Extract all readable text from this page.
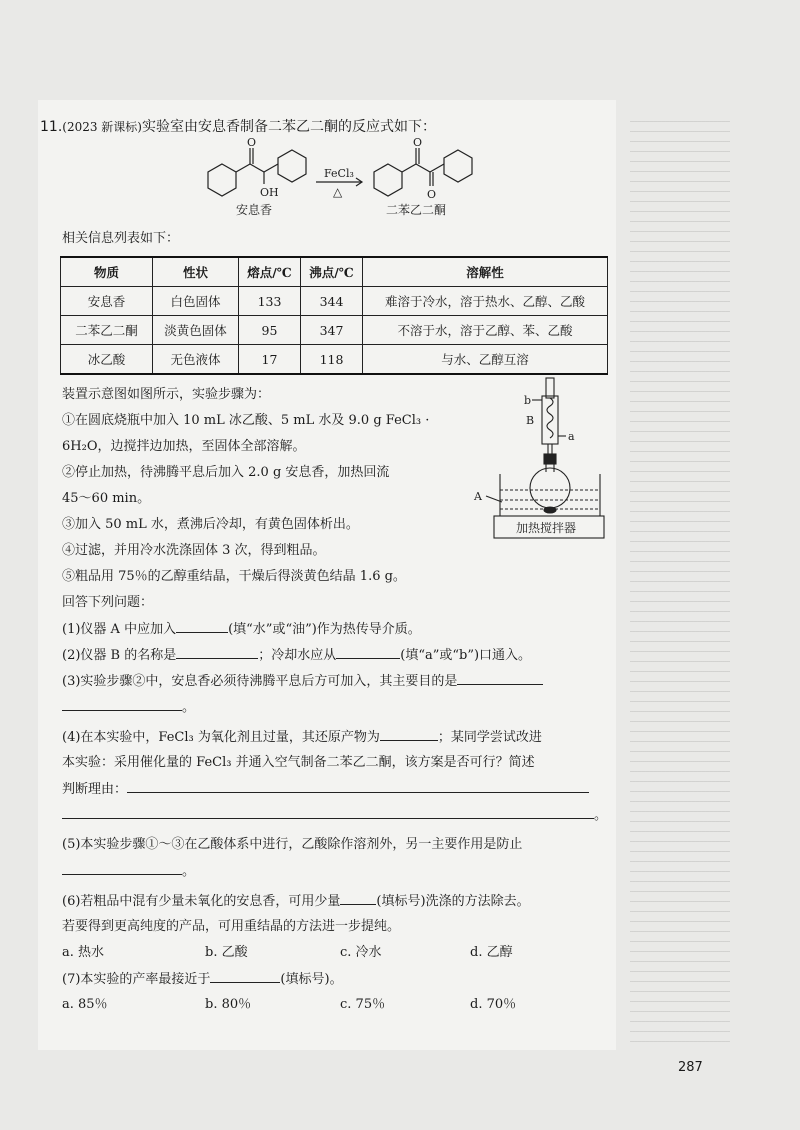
11.(2023 新课标)实验室由安息香制备二苯乙二酮的反应式如下：
O	O
O
OH
FeCl₃
△
安息香	二苯乙二酮
相关信息列表如下：
物质	性状	熔点/℃	沸点/℃	溶解性
安息香	白色固体	133	344	难溶于冷水，溶于热水、乙醇、乙酸
二苯乙二酮	淡黄色固体	95	347	不溶于水，溶于乙醇、苯、乙酸
冰乙酸	无色液体	17	118	与水、乙醇互溶
b
B
a
A
加热搅拌器
装置示意图如图所示，实验步骤为：
①在圆底烧瓶中加入 10 mL 冰乙酸、5 mL 水及 9.0 g FeCl₃ ·
6H₂O，边搅拌边加热，至固体全部溶解。
②停止加热，待沸腾平息后加入 2.0 g 安息香，加热回流
45～60 min。
③加入 50 mL 水，煮沸后冷却，有黄色固体析出。
④过滤，并用冷水洗涤固体 3 次，得到粗品。
⑤粗品用 75％的乙醇重结晶，干燥后得淡黄色结晶 1.6 g。
回答下列问题：
(1)仪器 A 中应加入	(填“水”或“油”)作为热传导介质。
(2)仪器 B 的名称是	；冷却水应从	(填“a”或“b”)口通入。
(3)实验步骤②中，安息香必须待沸腾平息后方可加入，其主要目的是
。
(4)在本实验中，FeCl₃ 为氧化剂且过量，其还原产物为	；某同学尝试改进
本实验：采用催化量的 FeCl₃ 并通入空气制备二苯乙二酮，该方案是否可行？简述
判断理由：
。
(5)本实验步骤①～③在乙酸体系中进行，乙酸除作溶剂外，另一主要作用是防止
。
(6)若粗品中混有少量未氧化的安息香，可用少量	(填标号)洗涤的方法除去。
若要得到更高纯度的产品，可用重结晶的方法进一步提纯。
a. 热水	b. 乙酸	c. 冷水	d. 乙醇
(7)本实验的产率最接近于	(填标号)。
a. 85％	b. 80％	c. 75％	d. 70％
287
